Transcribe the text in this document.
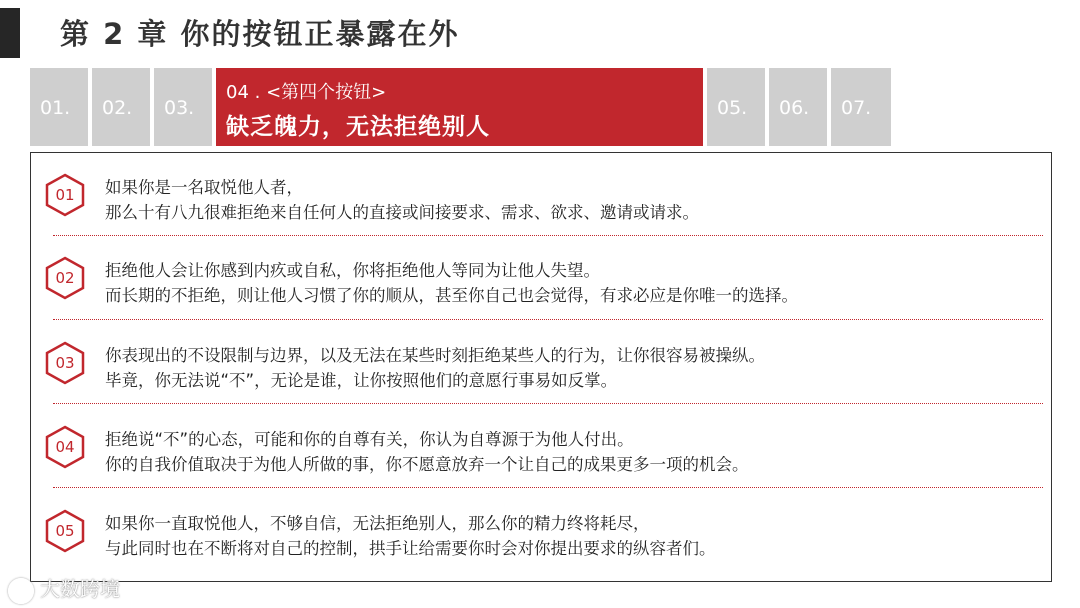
第 2 章 你的按钮正暴露在外
01.	02.	03.
04 . <第四个按钮>
缺乏魄力，无法拒绝别人
05.	06.	07.
01	如果你是一名取悦他人者，
那么十有八九很难拒绝来自任何人的直接或间接要求、需求、欲求、邀请或请求。
02	拒绝他人会让你感到内疚或自私，你将拒绝他人等同为让他人失望。
而长期的不拒绝，则让他人习惯了你的顺从，甚至你自己也会觉得，有求必应是你唯一的选择。
03	你表现出的不设限制与边界，以及无法在某些时刻拒绝某些人的行为，让你很容易被操纵。
毕竟，你无法说“不”，无论是谁，让你按照他们的意愿行事易如反掌。
04	拒绝说“不”的心态，可能和你的自尊有关，你认为自尊源于为他人付出。
你的自我价值取决于为他人所做的事，你不愿意放弃一个让自己的成果更多一项的机会。
05	如果你一直取悦他人，不够自信，无法拒绝别人，那么你的精力终将耗尽，
与此同时也在不断将对自己的控制，拱手让给需要你时会对你提出要求的纵容者们。
大数跨境
